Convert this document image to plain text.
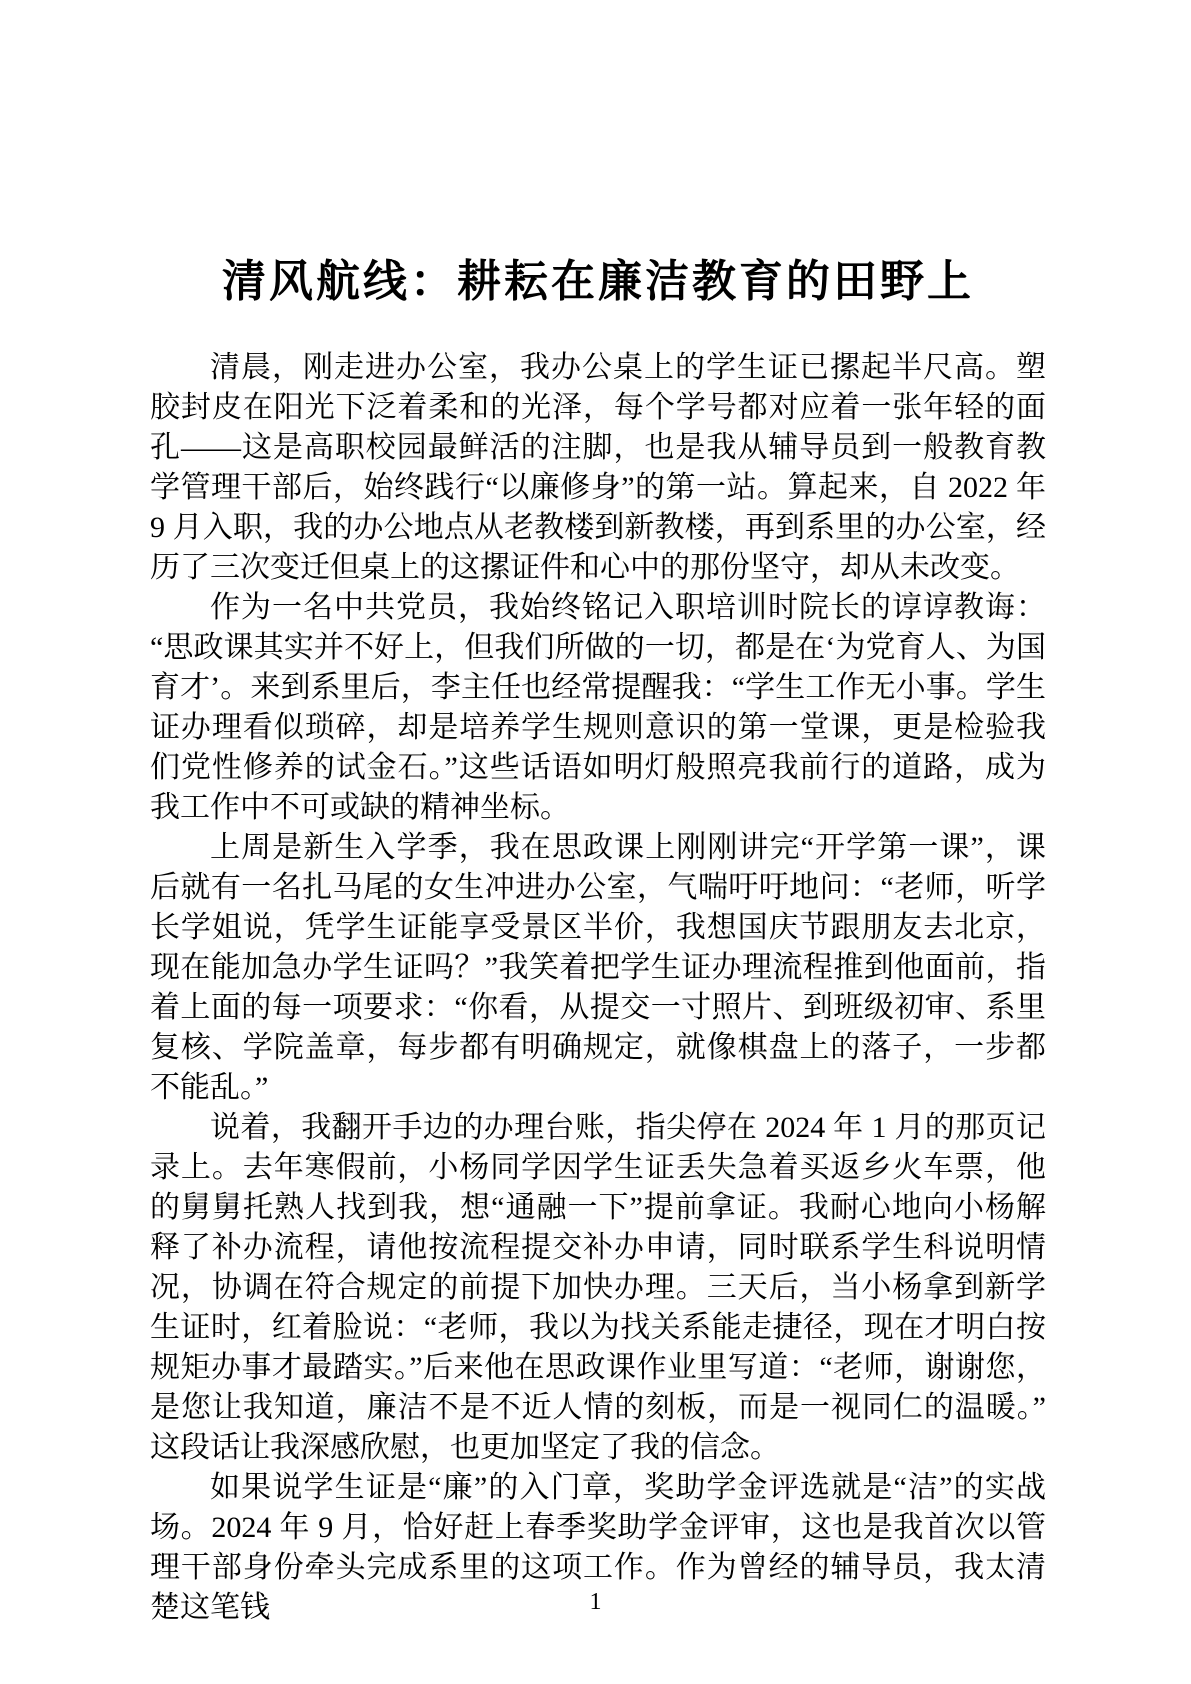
清风航线：耕耘在廉洁教育的田野上

清晨，刚走进办公室，我办公桌上的学生证已摞起半尺高。塑胶封皮在阳光下泛着柔和的光泽，每个学号都对应着一张年轻的面孔——这是高职校园最鲜活的注脚，也是我从辅导员到一般教育教学管理干部后，始终践行“以廉修身”的第一站。算起来，自 2022 年 9 月入职，我的办公地点从老教楼到新教楼，再到系里的办公室，经历了三次变迁但桌上的这摞证件和心中的那份坚守，却从未改变。

作为一名中共党员，我始终铭记入职培训时院长的谆谆教诲：“思政课其实并不好上，但我们所做的一切，都是在‘为党育人、为国育才’。来到系里后，李主任也经常提醒我：“学生工作无小事。学生证办理看似琐碎，却是培养学生规则意识的第一堂课，更是检验我们党性修养的试金石。”这些话语如明灯般照亮我前行的道路，成为我工作中不可或缺的精神坐标。

上周是新生入学季，我在思政课上刚刚讲完“开学第一课”，课后就有一名扎马尾的女生冲进办公室，气喘吁吁地问：“老师，听学长学姐说，凭学生证能享受景区半价，我想国庆节跟朋友去北京，现在能加急办学生证吗？”我笑着把学生证办理流程推到他面前，指着上面的每一项要求：“你看，从提交一寸照片、到班级初审、系里复核、学院盖章，每步都有明确规定，就像棋盘上的落子，一步都不能乱。”

说着，我翻开手边的办理台账，指尖停在 2024 年 1 月的那页记录上。去年寒假前，小杨同学因学生证丢失急着买返乡火车票，他的舅舅托熟人找到我，想“通融一下”提前拿证。我耐心地向小杨解释了补办流程，请他按流程提交补办申请，同时联系学生科说明情况，协调在符合规定的前提下加快办理。三天后，当小杨拿到新学生证时，红着脸说：“老师，我以为找关系能走捷径，现在才明白按规矩办事才最踏实。”后来他在思政课作业里写道：“老师，谢谢您，是您让我知道，廉洁不是不近人情的刻板，而是一视同仁的温暖。”这段话让我深感欣慰，也更加坚定了我的信念。

如果说学生证是“廉”的入门章，奖助学金评选就是“洁”的实战场。2024 年 9 月，恰好赶上春季奖助学金评审，这也是我首次以管理干部身份牵头完成系里的这项工作。作为曾经的辅导员，我太清楚这笔钱	1
